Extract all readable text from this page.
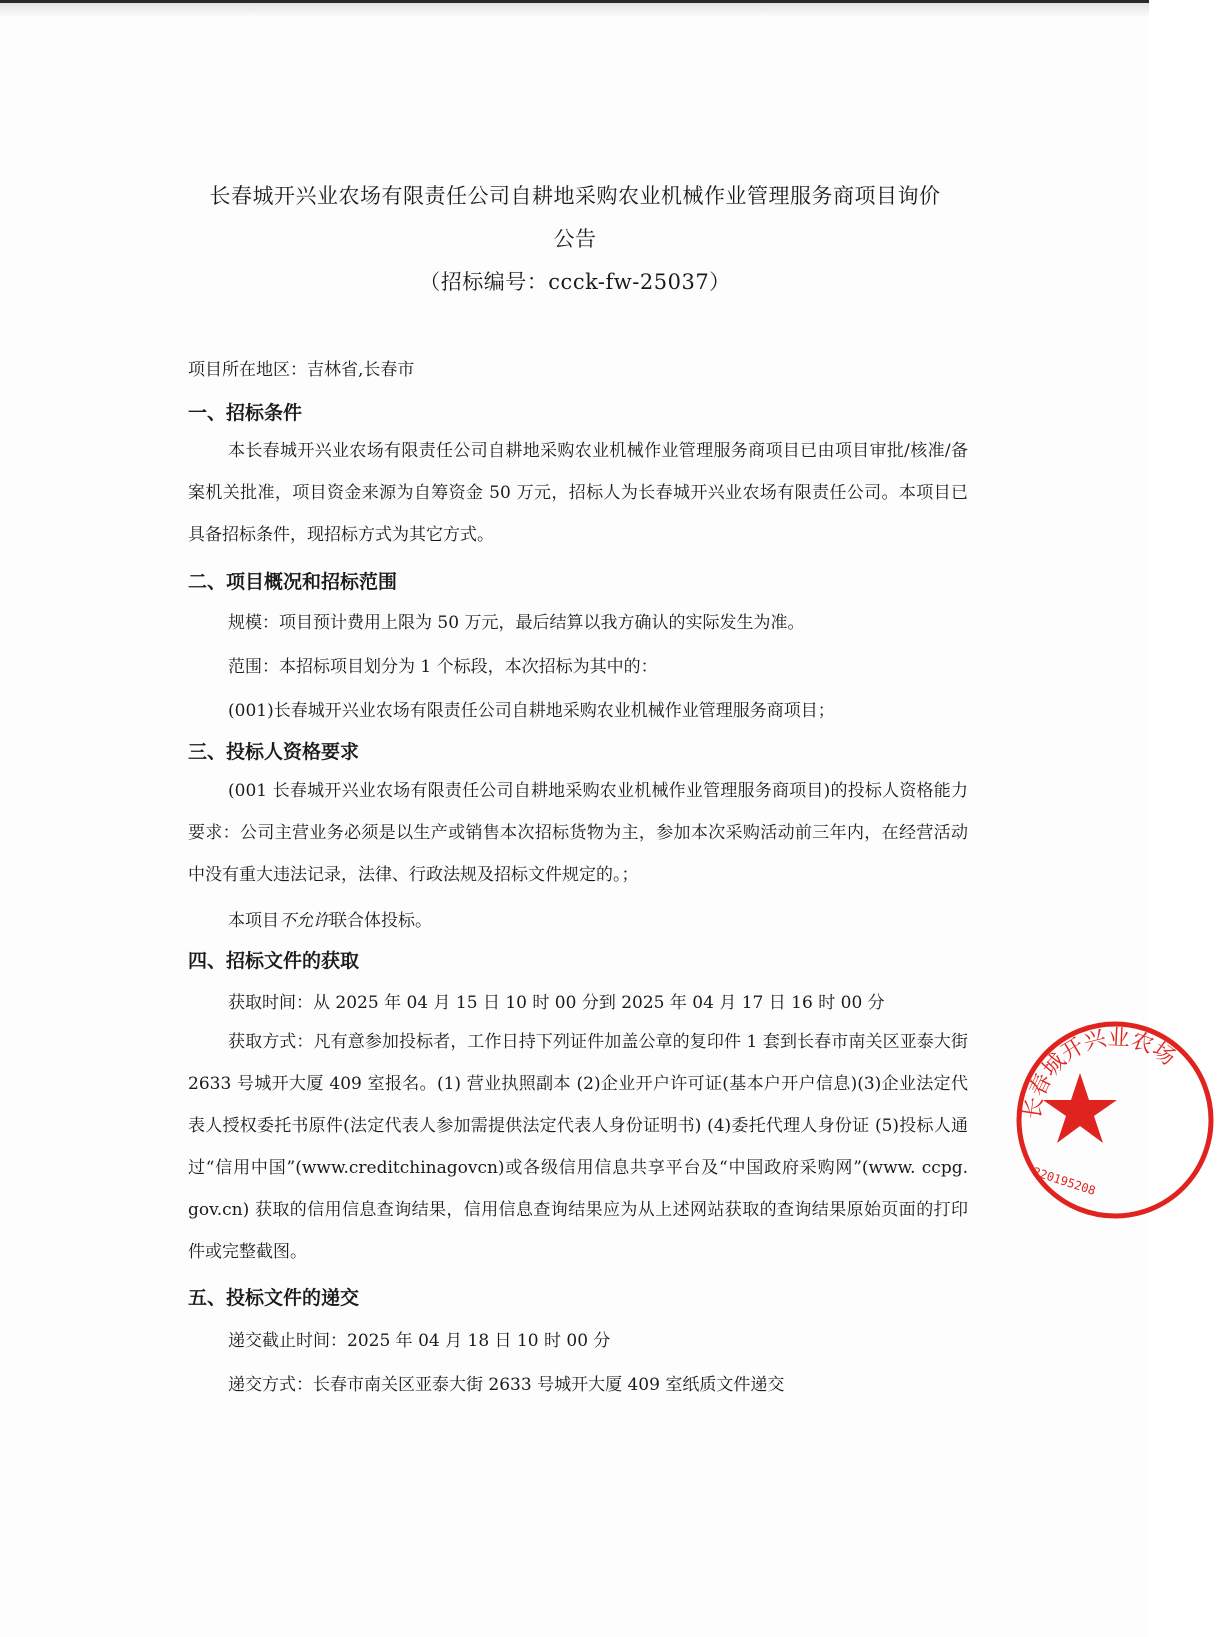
长春城开兴业农场有限责任公司自耕地采购农业机械作业管理服务商项目询价
公告
（招标编号：ccck-fw-25037）
项目所在地区：吉林省,长春市
一、招标条件
本长春城开兴业农场有限责任公司自耕地采购农业机械作业管理服务商项目已由项目审批/核准/备案机关批准，项目资金来源为自筹资金 50 万元，招标人为长春城开兴业农场有限责任公司。本项目已具备招标条件，现招标方式为其它方式。
二、项目概况和招标范围
规模：项目预计费用上限为 50 万元，最后结算以我方确认的实际发生为准。
范围：本招标项目划分为 1 个标段，本次招标为其中的：
(001)长春城开兴业农场有限责任公司自耕地采购农业机械作业管理服务商项目；
三、投标人资格要求
(001 长春城开兴业农场有限责任公司自耕地采购农业机械作业管理服务商项目)的投标人资格能力要求：公司主营业务必须是以生产或销售本次招标货物为主，参加本次采购活动前三年内，在经营活动中没有重大违法记录，法律、行政法规及招标文件规定的。；
本项目不允许联合体投标。
四、招标文件的获取
获取时间：从 2025 年 04 月 15 日 10 时 00 分到 2025 年 04 月 17 日 16 时 00 分
获取方式：凡有意参加投标者，工作日持下列证件加盖公章的复印件 1 套到长春市南关区亚泰大街 2633 号城开大厦 409 室报名。(1) 营业执照副本 (2)企业开户许可证(基本户开户信息)(3)企业法定代表人授权委托书原件(法定代表人参加需提供法定代表人身份证明书) (4)委托代理人身份证 (5)投标人通过“信用中国”(www.creditchinagovcn)或各级信用信息共享平台及“中国政府采购网”(www. ccpg. gov.cn) 获取的信用信息查询结果，信用信息查询结果应为从上述网站获取的查询结果原始页面的打印件或完整截图。
五、投标文件的递交
递交截止时间：2025 年 04 月 18 日 10 时 00 分
递交方式：长春市南关区亚泰大街 2633 号城开大厦 409 室纸质文件递交
长春城开兴业农场
220195208
